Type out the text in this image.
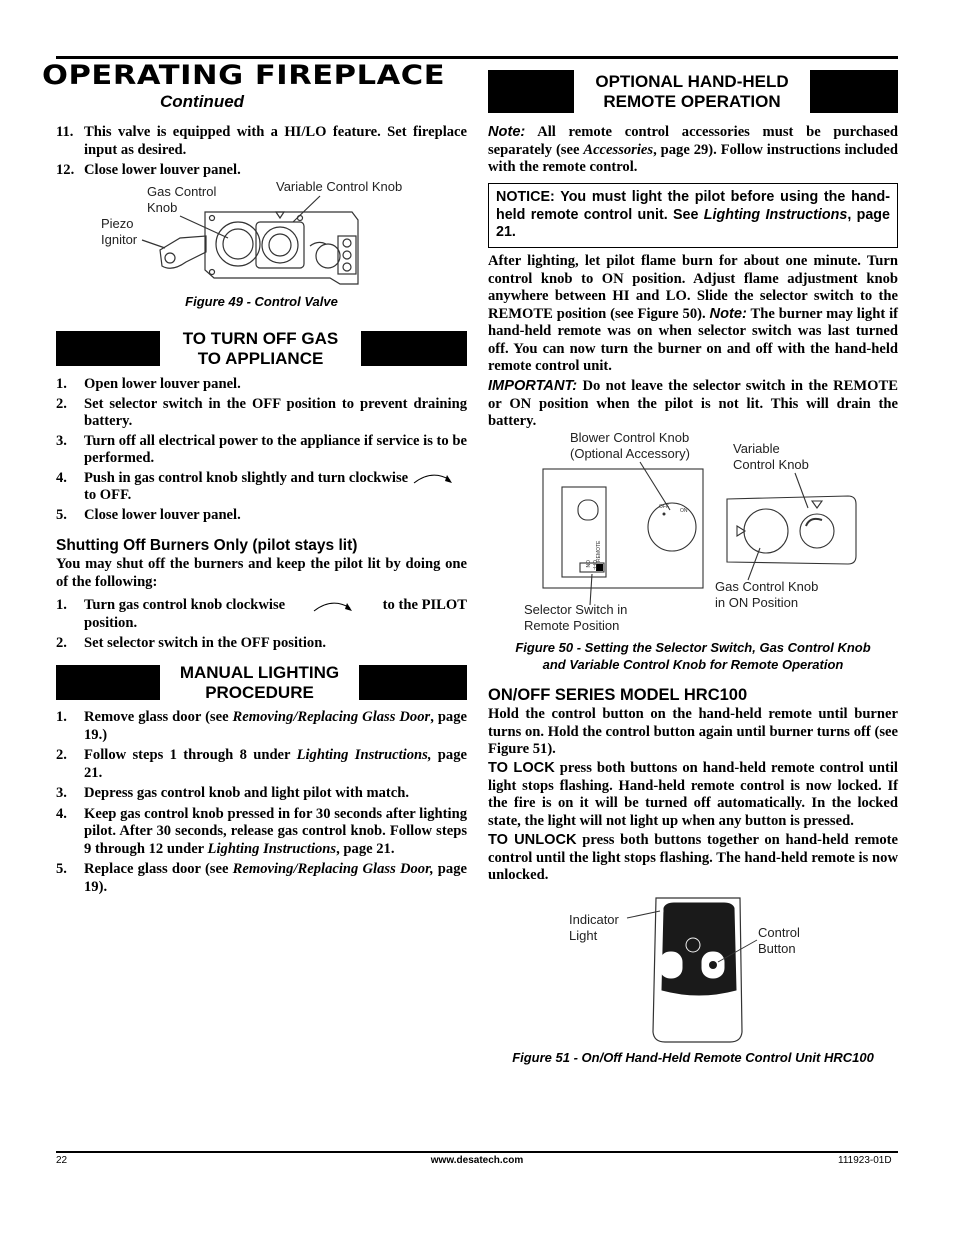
OPERATING FIREPLACE
Continued
11. This valve is equipped with a HI/LO feature. Set fireplace input as desired.
12. Close lower louver panel.
Gas Control
Knob
Variable Control Knob
Piezo
Ignitor
Figure 49 - Control Valve
TO TURN OFF GAS
TO APPLIANCE
1. Open lower louver panel.
2. Set selector switch in the OFF position to prevent draining battery.
3. Turn off all electrical power to the appliance if service is to be performed.
4. Push in gas control knob slightly and turn clockwise
to OFF.
5. Close lower louver panel.
Shutting Off Burners Only (pilot stays lit)
You may shut off the burners and keep the pilot lit by doing one of the following:
1. Turn gas control knob clockwise	to the PILOT
position.
2. Set selector switch in the OFF position.
MANUAL LIGHTING
PROCEDURE
1. Remove glass door (see Removing/Replacing Glass Door, page 19.)
2. Follow steps 1 through 8 under Lighting Instructions, page 21.
3. Depress gas control knob and light pilot with match.
4. Keep gas control knob pressed in for 30 seconds after lighting pilot. After 30 seconds, release gas control knob. Follow steps 9 through 12 under Lighting Instructions, page 21.
5. Replace glass door (see Removing/Replacing Glass Door, page 19).
OPTIONAL HAND-HELD
REMOTE OPERATION
Note: All remote control accessories must be purchased separately (see Accessories, page 29). Follow instructions included with the remote control.
NOTICE: You must light the pilot before using the hand-held remote control unit. See Lighting Instructions, page 21.
After lighting, let pilot flame burn for about one minute. Turn control knob to ON position. Adjust flame adjustment knob anywhere between HI and LO. Slide the selector switch to the REMOTE position (see Figure 50). Note: The burner may light if hand-held remote was on when selector switch was last turned off. You can now turn the burner on and off with the hand-held remote control unit.
IMPORTANT: Do not leave the selector switch in the REMOTE or ON position when the pilot is not lit. This will drain the battery.
Blower Control Knob
(Optional Accessory)	Variable
Control Knob
Gas Control Knob
in ON Position
Selector Switch in
Remote Position
OFF
ON
ON OFF
REMOTE
Figure 50 - Setting the Selector Switch, Gas Control Knob
and Variable Control Knob for Remote Operation
ON/OFF SERIES MODEL HRC100
Hold the control button on the hand-held remote until burner turns on. Hold the control button again until burner turns off (see Figure 51).
TO LOCK press both buttons on hand-held remote control until light stops flashing. Hand-held remote control is now locked. If the fire is on it will be turned off automatically. In the locked state, the light will not light up when any button is pressed.
TO UNLOCK press both buttons together on hand-held remote control until the light stops flashing. The hand-held remote is now unlocked.
Indicator
Light	Control
Button
Figure 51 - On/Off Hand-Held Remote Control Unit HRC100
22	www.desatech.com	111923-01D
